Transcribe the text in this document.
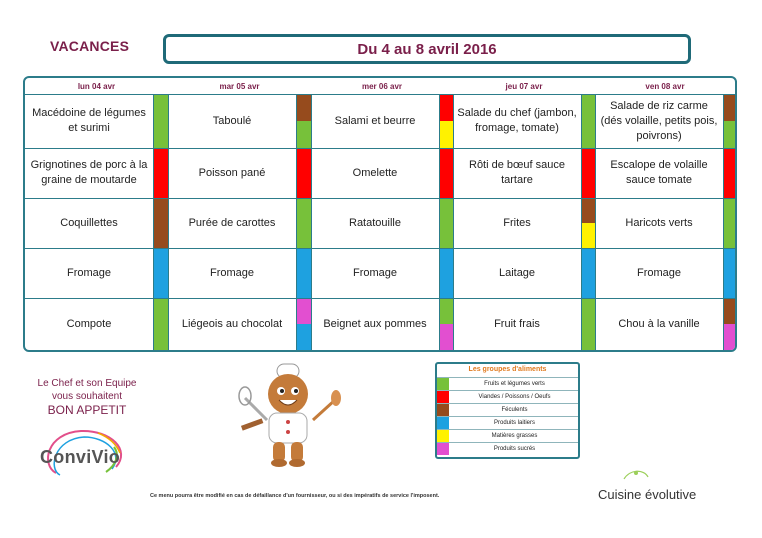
VACANCES	Du 4 au 8 avril 2016
lun 04 avr
Macédoine de légumes et surimi
Grignotines de porc à la graine de moutarde
Coquillettes
Fromage
Compote
mar 05 avr
Taboulé
Poisson pané
Purée de carottes
Fromage
Liégeois au chocolat
mer 06 avr
Salami et beurre
Omelette
Ratatouille
Fromage
Beignet aux pommes
jeu 07 avr
Salade du chef (jambon, fromage, tomate)
Rôti de bœuf sauce tartare
Frites
Laitage
Fruit frais
ven 08 avr
Salade de riz carme (dés volaille, petits pois, poivrons)
Escalope de volaille sauce tomate
Haricots verts
Fromage
Chou à la vanille
Le Chef et son Equipe
vous souhaitent
BON APPETIT
ConviVio
Les groupes d'aliments
Fruits et légumes verts
Viandes / Poissons / Oeufs
Féculents
Produits laitiers
Matières grasses
Produits sucrés
Ce menu pourra être modifié en cas de défaillance d'un fournisseur, ou si des impératifs de service l'imposent.	Cuisine évolutive
